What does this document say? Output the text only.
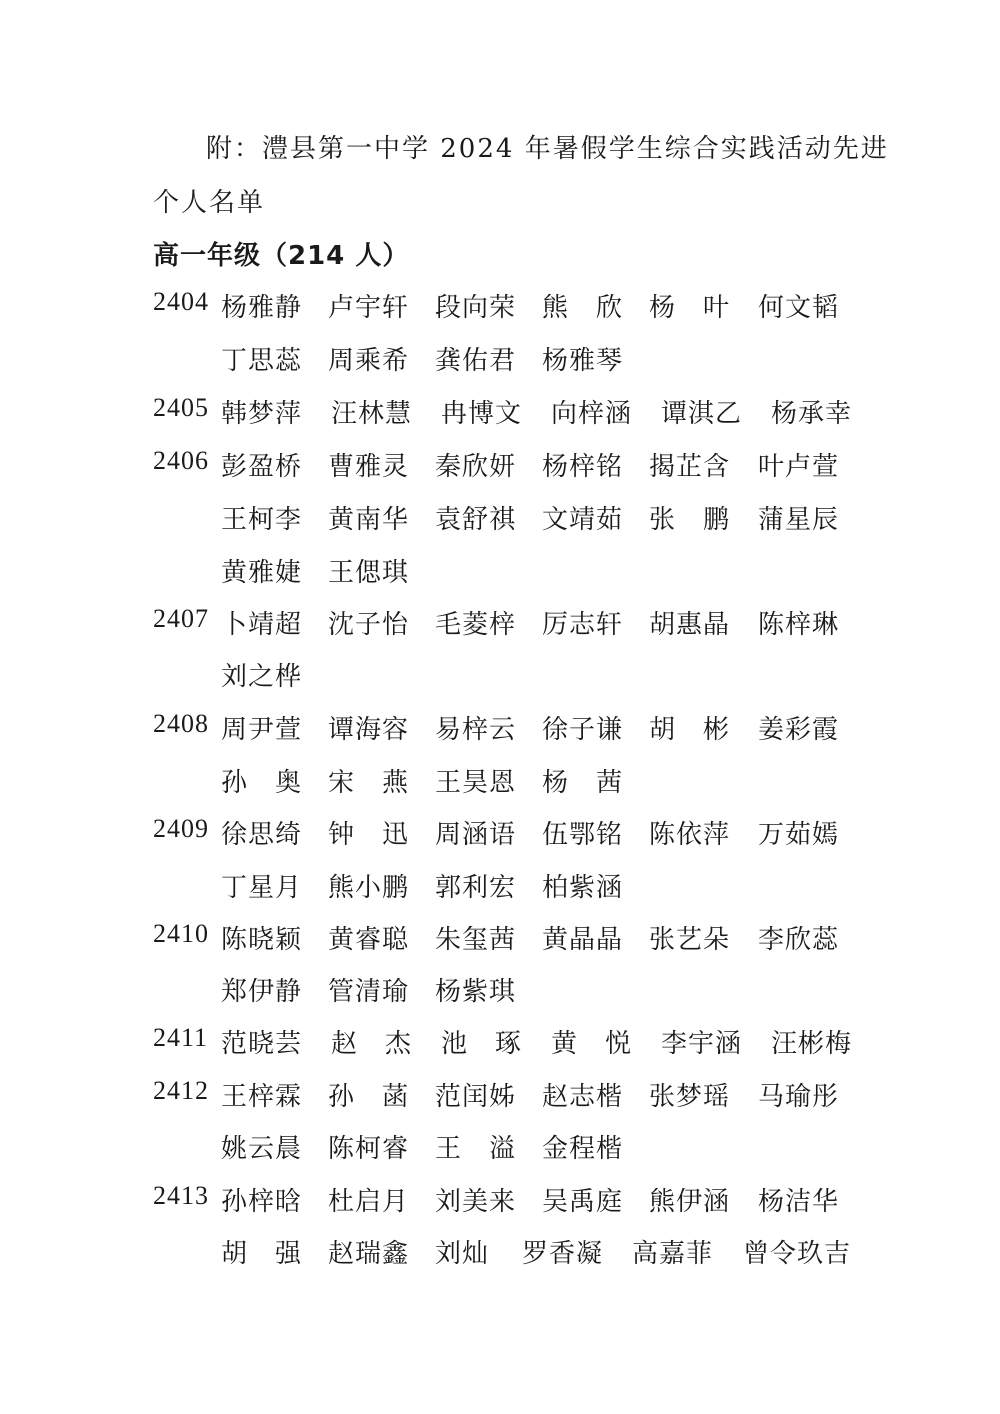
附：澧县第一中学 2024 年暑假学生综合实践活动先进
个人名单
高一年级（214 人）
2404 杨雅静 卢宇轩 段向荣 熊　欣 杨　叶 何文韬
丁思蕊 周乘希 龚佑君 杨雅琴
2405 韩梦萍 汪林慧 冉博文 向梓涵 谭淇乙 杨承幸
2406 彭盈桥 曹雅灵 秦欣妍 杨梓铭 揭芷含 叶卢萱
王柯李 黄南华 袁舒祺 文靖茹 张　鹏 蒲星辰
黄雅婕 王偲琪
2407 卜靖超 沈子怡 毛菱梓 厉志轩 胡惠晶 陈梓琳
刘之桦
2408 周尹萱 谭海容 易梓云 徐子谦 胡　彬 姜彩霞
孙　奥 宋　燕 王昊恩 杨　茜
2409 徐思绮 钟　迅 周涵语 伍鄂铭 陈依萍 万茹嫣
丁星月 熊小鹏 郭利宏 柏紫涵
2410 陈晓颖 黄睿聪 朱玺茜 黄晶晶 张艺朵 李欣蕊
郑伊静 管清瑜 杨紫琪
2411 范晓芸 赵　杰 池　琢 黄　悦 李宇涵 汪彬梅
2412 王梓霖 孙　菡 范闰姊 赵志楷 张梦瑶 马瑜彤
姚云晨 陈柯睿 王　溢 金程楷
2413 孙梓晗 杜启月 刘美来 吴禹庭 熊伊涵 杨洁华
胡　强 赵瑞鑫 刘灿 罗香凝 高嘉菲 曾令玖吉
